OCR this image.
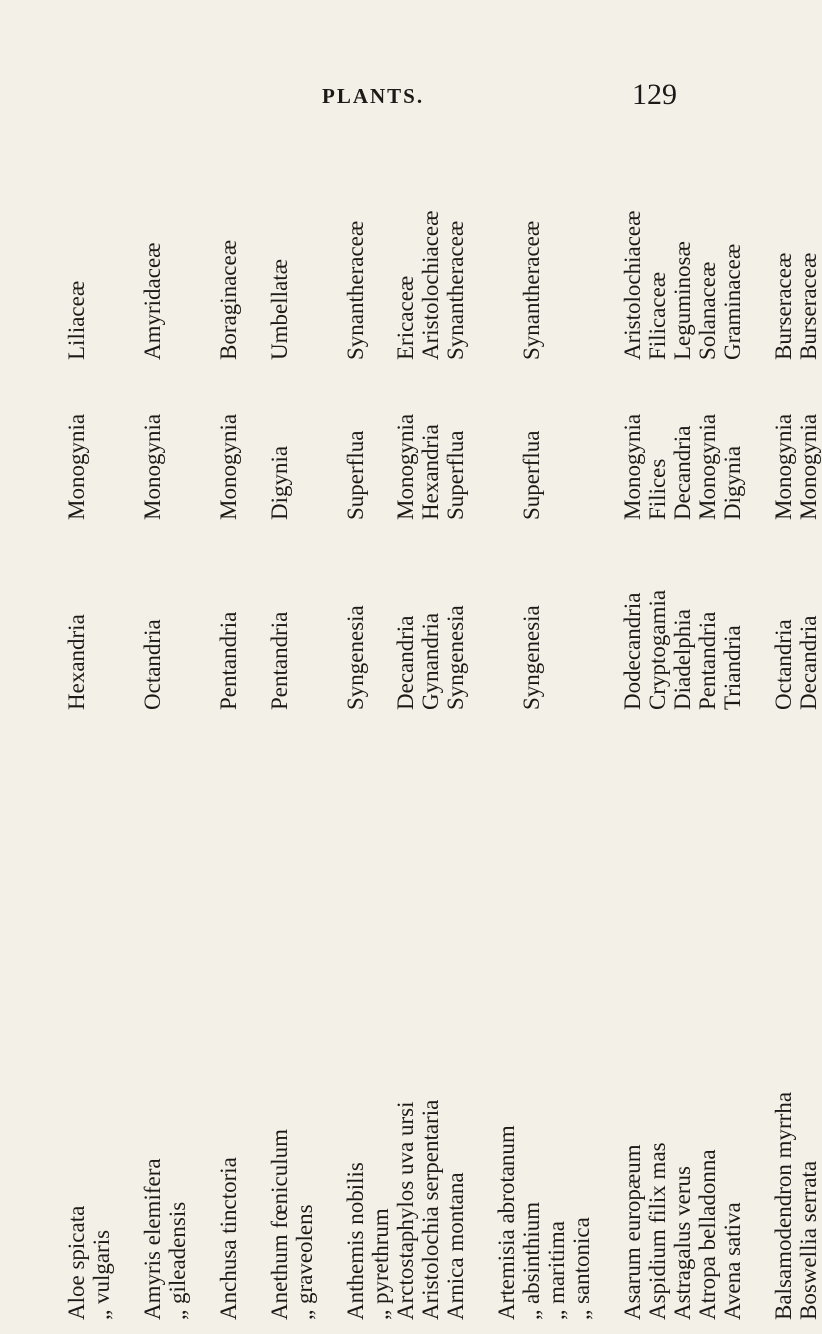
PLANTS.	129
Aloe spicata
Hexandria
Monogynia
Liliaceæ
„ vulgaris Amyris elemifera
Octandria
Monogynia
Amyridaceæ
„ gileadensis Anchusa tinctoria
Pentandria
Monogynia
Boraginaceæ
Anethum fœniculum
Pentandria
Digynia
Umbellatæ
„ graveolens Anthemis nobilis
Syngenesia
Superflua
Synantheraceæ
„ pyrethrum Arctostaphylos uva ursi
Decandria
Monogynia
Ericaceæ
Aristolochia serpentaria
Gynandria
Hexandria
Aristolochiaceæ
Arnica montana
Syngenesia
Superflua
Synantheraceæ
Artemisia abrotanum „ absinthium
Syngenesia
Superflua
Synantheraceæ
„ maritima „ santonica Asarum europæum
Dodecandria
Monogynia
Aristolochiaceæ
Aspidium filix mas
Cryptogamia
Filices
Filicaceæ
Astragalus verus
Diadelphia
Decandria
Leguminosæ
Atropa belladonna
Pentandria
Monogynia
Solanaceæ
Avena sativa
Triandria
Digynia
Graminaceæ
Balsamodendron myrrha
Octandria
Monogynia
Burseraceæ
Boswellia serrata
Decandria
Monogynia
Burseraceæ
